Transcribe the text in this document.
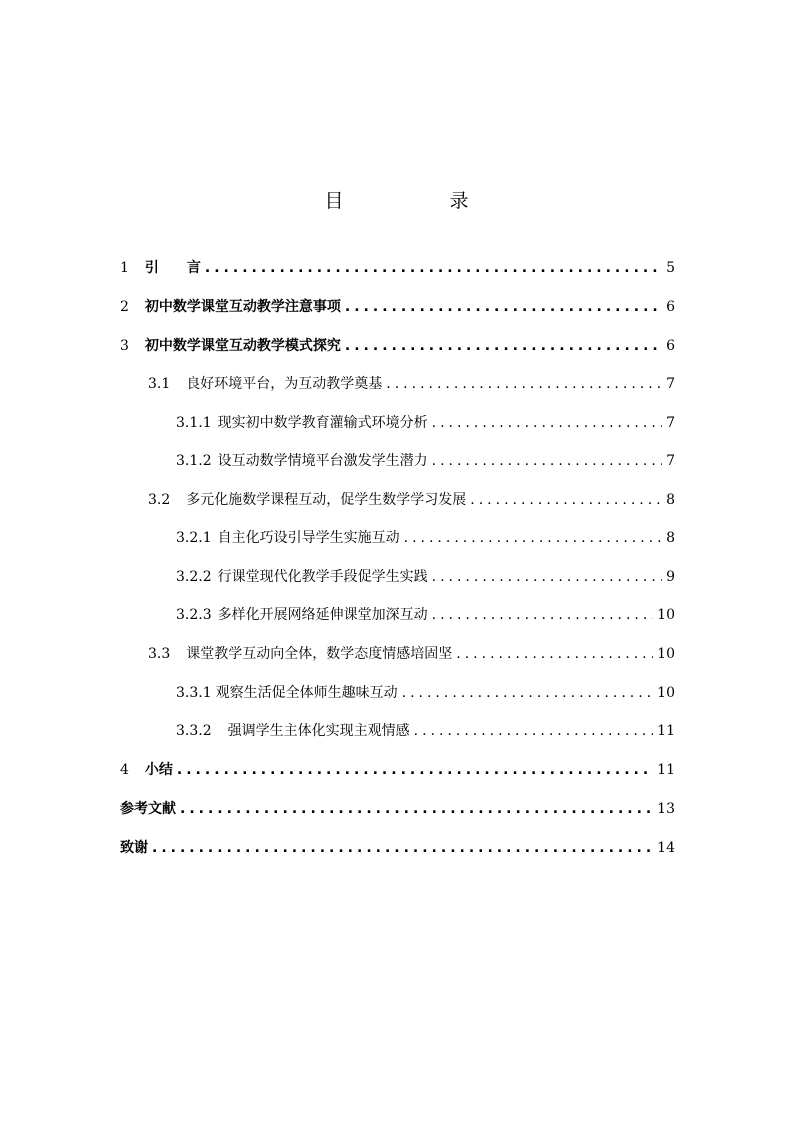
目 录
1 引　　言 .....	5
2 初中数学课堂互动教学注意事项 .....	6
3 初中数学课堂互动教学模式探究 .....	6
3.1 良好环境平台，为互动教学奠基 .....	7
3.1.1 现实初中数学教育灌输式环境分析 .....	7
3.1.2 设互动数学情境平台激发学生潜力 .....	7
3.2 多元化施数学课程互动，促学生数学学习发展 .....	8
3.2.1 自主化巧设引导学生实施互动 .....	8
3.2.2 行课堂现代化教学手段促学生实践 .....	9
3.2.3 多样化开展网络延伸课堂加深互动 .....	10
3.3 课堂教学互动向全体，数学态度情感培固坚 .....	10
3.3.1 观察生活促全体师生趣味互动 .....	10
3.3.2 强调学生主体化实现主观情感 .....	11
4 小结 .....	11
参考文献 .....	13
致谢 .....	14
